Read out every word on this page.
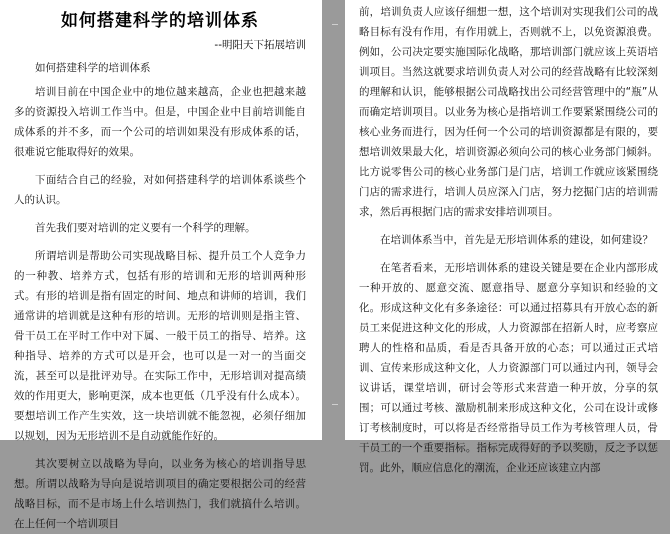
如何搭建科学的培训体系
--明阳天下拓展培训

如何搭建科学的培训体系

培训目前在中国企业中的地位越来越高，企业也把越来越多的资源投入培训工作当中。但是，中国企业中目前培训能自成体系的并不多，而一个公司的培训如果没有形成体系的话，很难说它能取得好的效果。

下面结合自己的经验，对如何搭建科学的培训体系谈些个人的认识。

首先我们要对培训的定义要有一个科学的理解。

所谓培训是帮助公司实现战略目标、提升员工个人竞争力的一种教、培养方式，包括有形的培训和无形的培训两种形式。有形的培训是指有固定的时间、地点和讲师的培训，我们通常讲的培训就是这种有形的培训。无形的培训则是指主管、骨干员工在平时工作中对下属、一般干员工的指导、培养。这种指导、培养的方式可以是开会，也可以是一对一的当面交流，甚至可以是批评劝导。在实际工作中，无形培训对提高绩效的作用更大，影响更深，成本也更低（几乎没有什么成本）。要想培训工作产生实效，这一块培训就不能忽视，必须仔细加以规划，因为无形培训不是自动就能作好的。

其次要树立以战略为导向，以业务为核心的培训指导思想。所谓以战略为导向是说培训项目的确定要根据公司的经营战略目标，而不是市场上什么培训热门，我们就搞什么培训。在上任何一个培训项目

前，培训负责人应该仔细想一想，这个培训对实现我们公司的战略目标有没有作用，有作用就上，否则就不上，以免资源浪费。例如，公司决定要实施国际化战略，那培训部门就应该上英语培训项目。当然这就要求培训负责人对公司的经营战略有比较深刻的理解和认识，能够根据公司战略找出公司经营管理中的“瓶”从而确定培训项目。以业务为核心是指培训工作要紧紧围绕公司的核心业务而进行，因为任何一个公司的培训资源都是有限的，要想培训效果最大化，培训资源必须向公司的核心业务部门倾斜。比方说零售公司的核心业务部门是门店，培训工作就应该紧围绕门店的需求进行，培训人员应深入门店，努力挖掘门店的培训需求，然后再根据门店的需求安排培训项目。

在培训体系当中，首先是无形培训体系的建设，如何建设？

在笔者看来，无形培训体系的建设关键是要在企业内部形成一种开放的、愿意交流、愿意指导、愿意分享知识和经验的文化。形成这种文化有多条途径：可以通过招募具有开放心态的新员工来促进这种文化的形成，人力资源部在招新人时，应考察应聘人的性格和品质，看是否具备开放的心态；可以通过正式培训、宣传来形成这种文化，人力资源部门可以通过内刊，领导会议讲话，课堂培训，研讨会等形式来营造一种开放，分享的氛围；可以通过考核、激励机制来形成这种文化，公司在设计或修订考核制度时，可以将是否经常指导员工作为考核管理人员，骨干员工的一个重要指标。指标完成得好的予以奖励，反之予以惩罚。此外，顺应信息化的潮流，企业还应该建立内部
